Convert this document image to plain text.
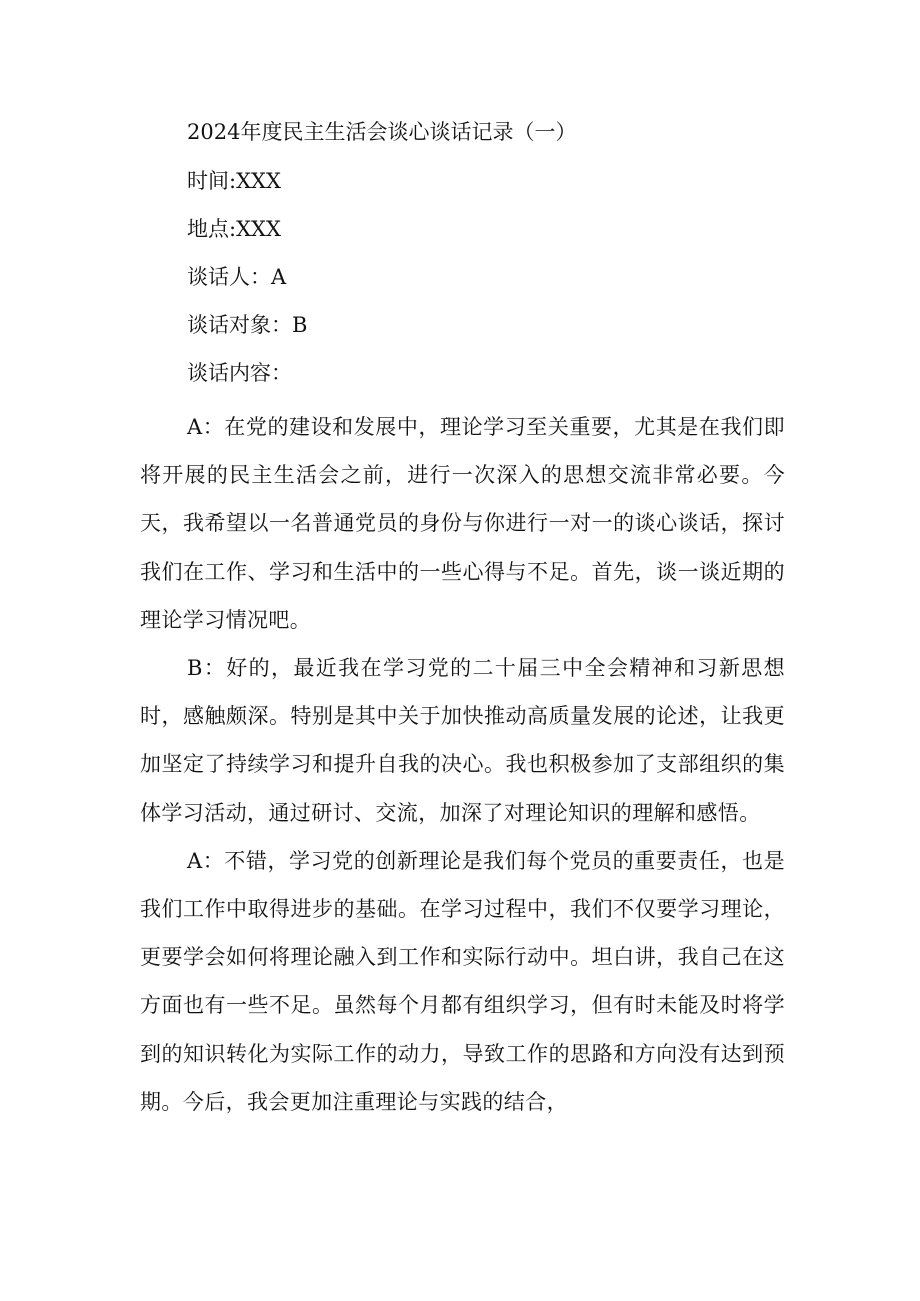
2024年度民主生活会谈心谈话记录（一）
时间:XXX
地点:XXX
谈话人：A
谈话对象：B
谈话内容：

A：在党的建设和发展中，理论学习至关重要，尤其是在我们即将开展的民主生活会之前，进行一次深入的思想交流非常必要。今天，我希望以一名普通党员的身份与你进行一对一的谈心谈话，探讨我们在工作、学习和生活中的一些心得与不足。首先，谈一谈近期的理论学习情况吧。

B：好的，最近我在学习党的二十届三中全会精神和习新思想时，感触颇深。特别是其中关于加快推动高质量发展的论述，让我更加坚定了持续学习和提升自我的决心。我也积极参加了支部组织的集体学习活动，通过研讨、交流，加深了对理论知识的理解和感悟。

A：不错，学习党的创新理论是我们每个党员的重要责任，也是我们工作中取得进步的基础。在学习过程中，我们不仅要学习理论，更要学会如何将理论融入到工作和实际行动中。坦白讲，我自己在这方面也有一些不足。虽然每个月都有组织学习，但有时未能及时将学到的知识转化为实际工作的动力，导致工作的思路和方向没有达到预期。今后，我会更加注重理论与实践的结合，
